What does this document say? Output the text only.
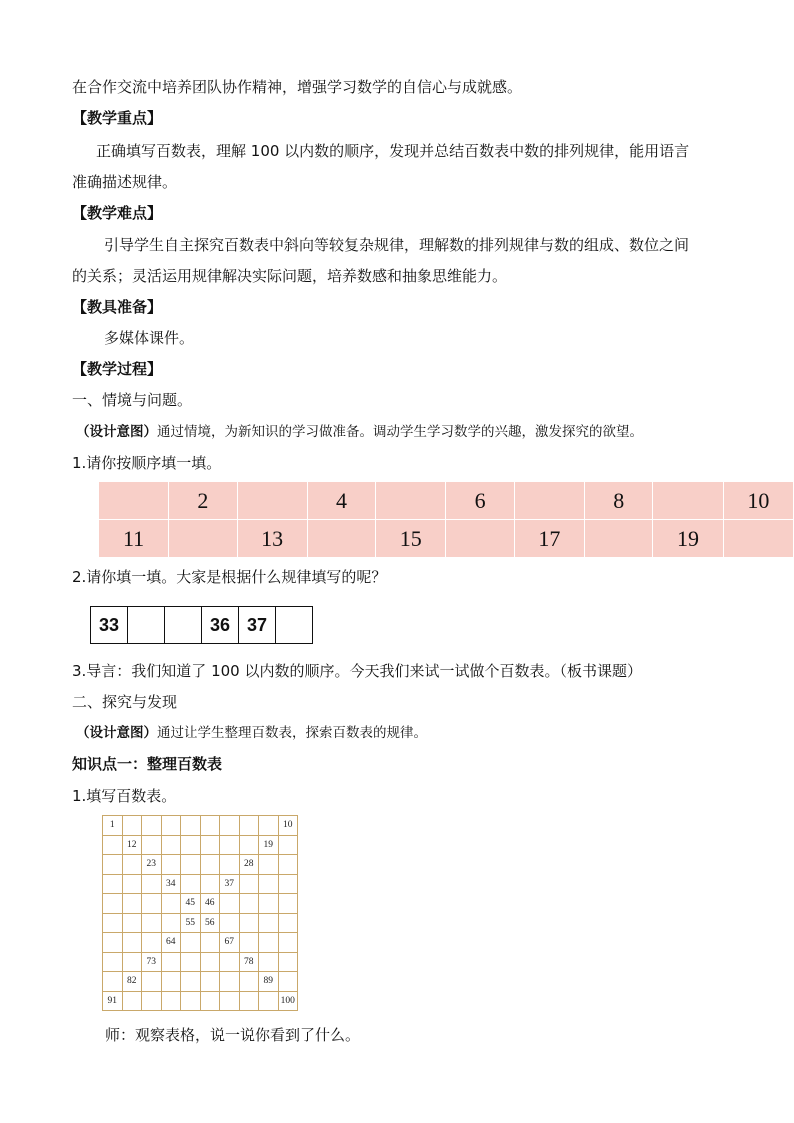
在合作交流中培养团队协作精神，增强学习数学的自信心与成就感。
【教学重点】
正确填写百数表，理解 100 以内数的顺序，发现并总结百数表中数的排列规律，能用语言
准确描述规律。
【教学难点】
引导学生自主探究百数表中斜向等较复杂规律，理解数的排列规律与数的组成、数位之间
的关系；灵活运用规律解决实际问题，培养数感和抽象思维能力。
【教具准备】
多媒体课件。
【教学过程】
一、情境与问题。
（设计意图）通过情境，为新知识的学习做准备。调动学生学习数学的兴趣，激发探究的欲望。
1.请你按顺序填一填。
	2		4		6		8		10
11		13		15		17		19	
2.请你填一填。大家是根据什么规律填写的呢？
33			36	37	
3.导言：我们知道了 100 以内数的顺序。今天我们来试一试做个百数表。（板书课题）
二、探究与发现
（设计意图）通过让学生整理百数表，探索百数表的规律。
知识点一：整理百数表
1.填写百数表。
1									10
	12							19	
		23					28		
			34			37			
				45	46				
				55	56				
			64			67			
		73					78		
	82							89	
91									100
师：观察表格，说一说你看到了什么。
